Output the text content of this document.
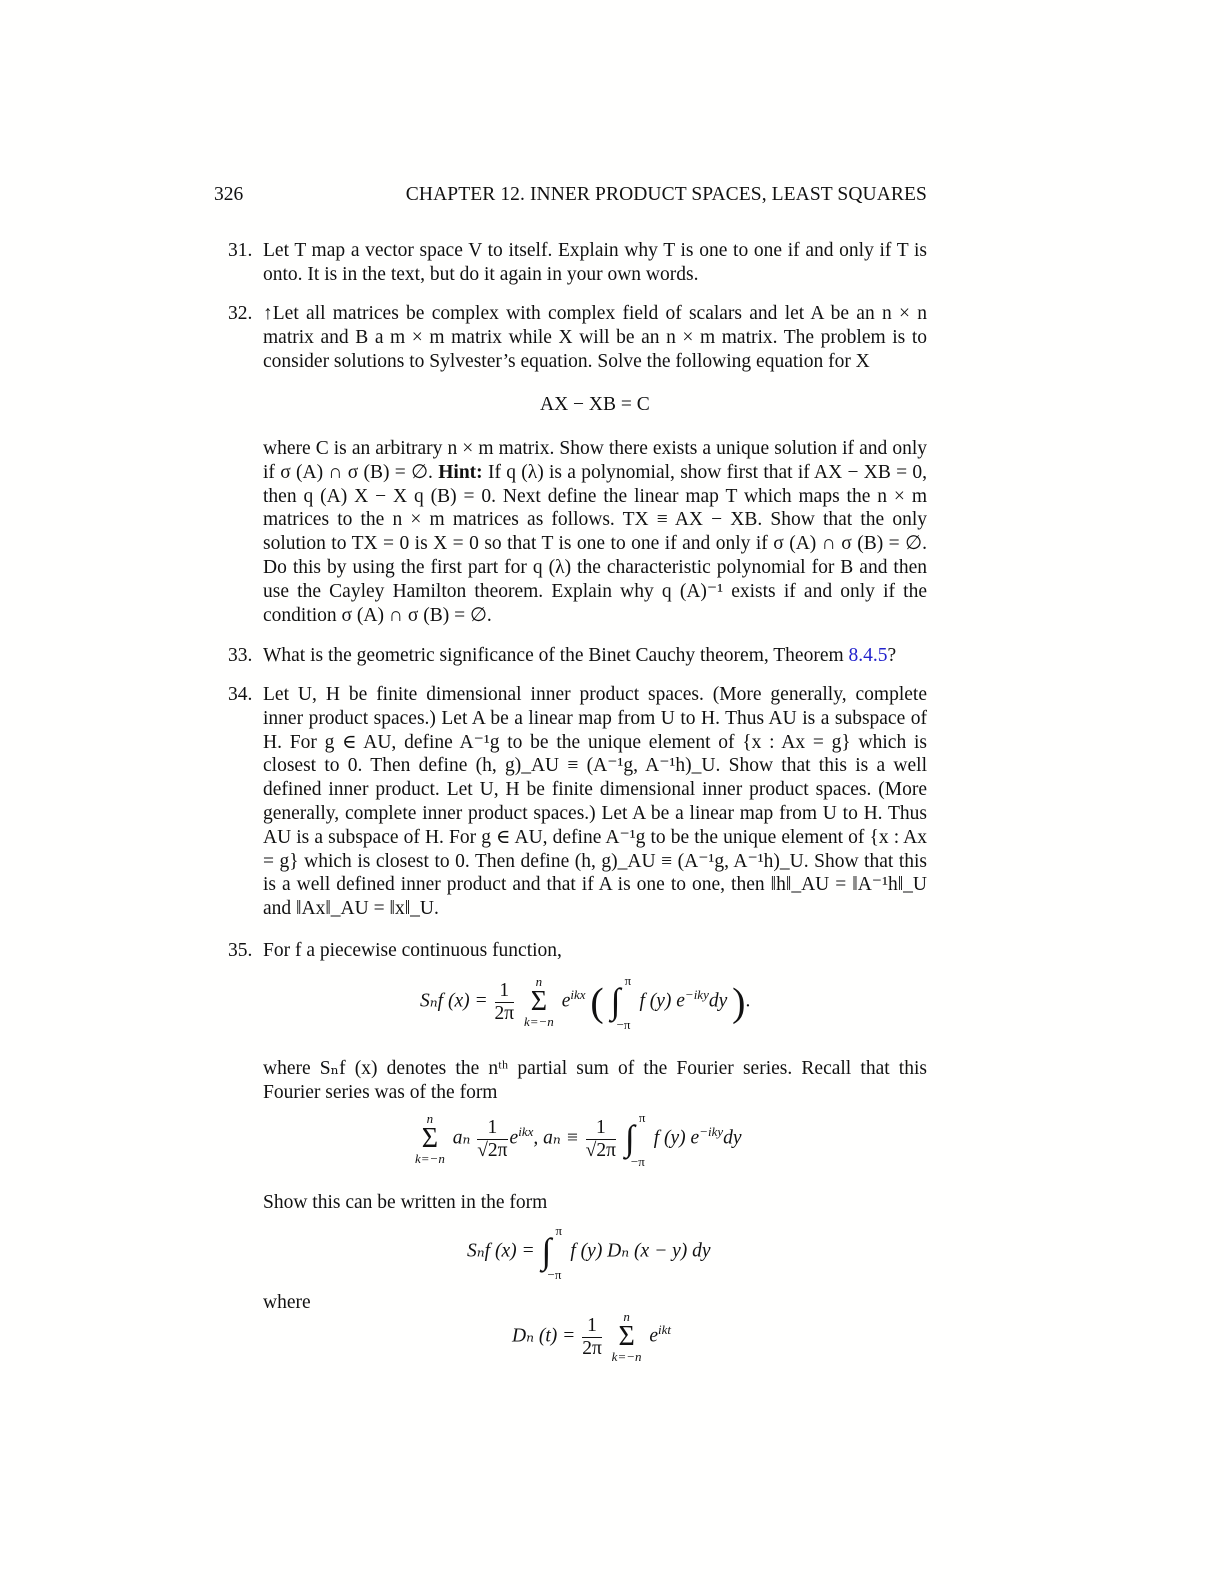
326	CHAPTER 12. INNER PRODUCT SPACES, LEAST SQUARES
31. Let T map a vector space V to itself. Explain why T is one to one if and only if T is onto. It is in the text, but do it again in your own words.
32. ↑Let all matrices be complex with complex field of scalars and let A be an n × n matrix and B a m × m matrix while X will be an n × m matrix. The problem is to consider solutions to Sylvester’s equation. Solve the following equation for X
AX − XB = C
where C is an arbitrary n × m matrix. Show there exists a unique solution if and only if σ (A) ∩ σ (B) = ∅. Hint: If q (λ) is a polynomial, show first that if AX − XB = 0, then q (A) X − X q (B) = 0. Next define the linear map T which maps the n × m matrices to the n × m matrices as follows. TX ≡ AX − XB. Show that the only solution to TX = 0 is X = 0 so that T is one to one if and only if σ (A) ∩ σ (B) = ∅. Do this by using the first part for q (λ) the characteristic polynomial for B and then use the Cayley Hamilton theorem. Explain why q (A)⁻¹ exists if and only if the condition σ (A) ∩ σ (B) = ∅.
33. What is the geometric significance of the Binet Cauchy theorem, Theorem 8.4.5?
34. Let U, H be finite dimensional inner product spaces. (More generally, complete inner product spaces.) Let A be a linear map from U to H. Thus AU is a subspace of H. For g ∈ AU, define A⁻¹g to be the unique element of {x : Ax = g} which is closest to 0. Then define (h, g)_AU ≡ (A⁻¹g, A⁻¹h)_U. Show that this is a well defined inner product. Let U, H be finite dimensional inner product spaces. (More generally, complete inner product spaces.) Let A be a linear map from U to H. Thus AU is a subspace of H. For g ∈ AU, define A⁻¹g to be the unique element of {x : Ax = g} which is closest to 0. Then define (h, g)_AU ≡ (A⁻¹g, A⁻¹h)_U. Show that this is a well defined inner product and that if A is one to one, then ‖h‖_AU = ‖A⁻¹h‖_U and ‖Ax‖_AU = ‖x‖_U.
35. For f a piecewise continuous function,
Sₙf $(x) = \frac{1}{2\pi}$
	n
Σ
k=−n
$e^{ikx}$ ( ∫
π
−π
f (y) $e^{-iky}dy$ ).
where Sₙf (x) denotes the nᵗʰ partial sum of the Fourier series. Recall that this Fourier series was of the form
n
Σ
k=−n
aₙ $\frac{1}{√2\pi} e^{ikx}$, $a_n \equiv \frac{1}{√2\pi}$
∫
π
−π
f (y) $e^{-iky}dy$
Show this can be written in the form
Sₙf (x) = ∫
π
−π
f (y) Dₙ (x − y) dy
where
Dₙ $(t) = \frac{1}{2\pi}$
	n
Σ
k=−n
$e^{ikt}$
